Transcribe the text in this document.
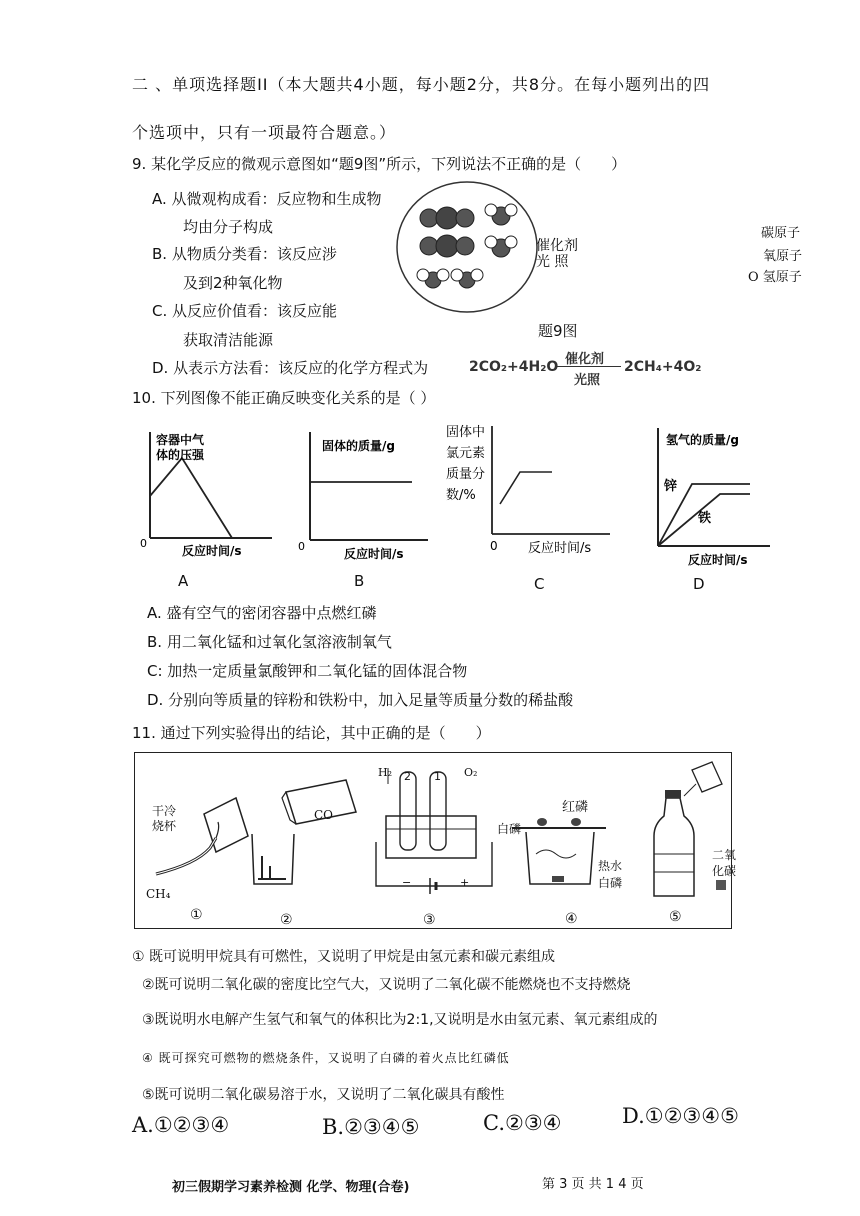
二 、单项选择题II（本大题共4小题，每小题2分，共8分。在每小题列出的四
个选项中，只有一项最符合题意。）
9. 某化学反应的微观示意图如“题9图”所示，下列说法不正确的是（　　）
A. 从微观构成看：反应物和生成物
均由分子构成
B. 从物质分类看：该反应涉
及到2种氧化物
C. 从反应价值看：该反应能
获取清洁能源
D. 从表示方法看：该反应的化学方程式为	2CO₂+4H₂O 催化剂
光照
2CH₄+4O₂
催化剂
光 照
碳原子
氧原子
O 氢原子
题9图
10. 下列图像不能正确反映变化关系的是（ ）
容器中气
体的压强
0
反应时间/s
A
固体的质量/g
0
反应时间/s
B
固体中
氯元素
质量分
数/%
0 反应时间/s
C
氢气的质量/g
锌
铁
反应时间/s
D
A. 盛有空气的密闭容器中点燃红磷
B. 用二氧化锰和过氧化氢溶液制氧气
C: 加热一定质量氯酸钾和二氧化锰的固体混合物
D. 分别向等质量的锌粉和铁粉中，加入足量等质量分数的稀盐酸
11. 通过下列实验得出的结论，其中正确的是（　　）
干冷
烧杯
CH₄
CO
H₂ 2 1 O₂
−	+
红磷
白磷
热水
白磷
二氧
化碳
①	②	③	④	⑤
① 既可说明甲烷具有可燃性，又说明了甲烷是由氢元素和碳元素组成
②既可说明二氧化碳的密度比空气大，又说明了二氧化碳不能燃烧也不支持燃烧
③既说明水电解产生氢气和氧气的体积比为2:1,又说明是水由氢元素、氧元素组成的
④ 既可探究可燃物的燃烧条件，又说明了白磷的着火点比红磷低
⑤既可说明二氧化碳易溶于水，又说明了二氧化碳具有酸性
A.①②③④	B.②③④⑤	C.②③④	D.①②③④⑤
初三假期学习素养检测 化学、物理(合卷)	第 3 页 共 1 4 页
